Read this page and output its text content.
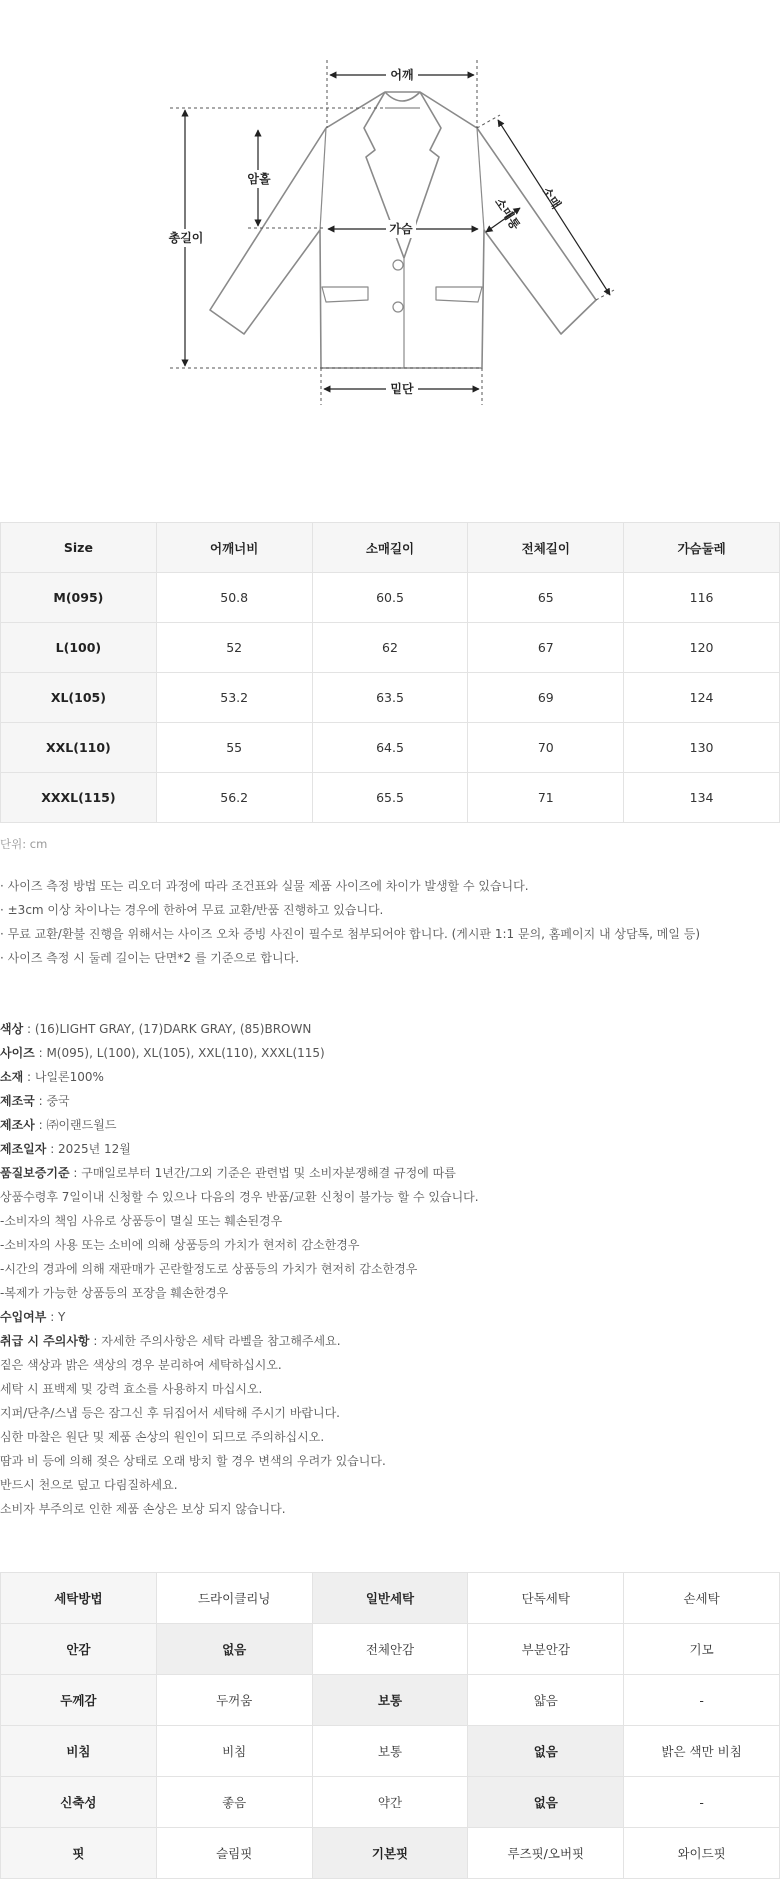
어깨
암홀
총길이
가슴
밑단
소매
소매통
Size	어깨너비	소매길이	전체길이	가슴둘레
M(095)	50.8	60.5	65	116
L(100)	52	62	67	120
XL(105)	53.2	63.5	69	124
XXL(110)	55	64.5	70	130
XXXL(115)	56.2	65.5	71	134
단위: cm
· 사이즈 측정 방법 또는 리오더 과정에 따라 조건표와 실물 제품 사이즈에 차이가 발생할 수 있습니다.
· ±3cm 이상 차이나는 경우에 한하여 무료 교환/반품 진행하고 있습니다.
· 무료 교환/환불 진행을 위해서는 사이즈 오차 증빙 사진이 필수로 첨부되어야 합니다. (게시판 1:1 문의, 홈페이지 내 상담톡, 메일 등)
· 사이즈 측정 시 둘레 길이는 단면*2 를 기준으로 합니다.
색상 : (16)LIGHT GRAY, (17)DARK GRAY, (85)BROWN
사이즈 : M(095), L(100), XL(105), XXL(110), XXXL(115)
소재 : 나일론100%
제조국 : 중국
제조사 : ㈜이랜드월드
제조일자 : 2025년 12월
품질보증기준 : 구매일로부터 1년간/그외 기준은 관련법 및 소비자분쟁해결 규정에 따름
상품수령후 7일이내 신청할 수 있으나 다음의 경우 반품/교환 신청이 불가능 할 수 있습니다.
-소비자의 책임 사유로 상품등이 멸실 또는 훼손된경우
-소비자의 사용 또는 소비에 의해 상품등의 가치가 현저히 감소한경우
-시간의 경과에 의해 재판매가 곤란할정도로 상품등의 가치가 현저히 감소한경우
-복제가 가능한 상품등의 포장을 훼손한경우
수입여부 : Y
취급 시 주의사항 : 자세한 주의사항은 세탁 라벨을 참고해주세요.
짙은 색상과 밝은 색상의 경우 분리하여 세탁하십시오.
세탁 시 표백제 및 강력 효소를 사용하지 마십시오.
지퍼/단추/스냅 등은 잠그신 후 뒤집어서 세탁해 주시기 바랍니다.
심한 마찰은 원단 및 제품 손상의 원인이 되므로 주의하십시오.
땀과 비 등에 의해 젖은 상태로 오래 방치 할 경우 변색의 우려가 있습니다.
반드시 천으로 덮고 다림질하세요.
소비자 부주의로 인한 제품 손상은 보상 되지 않습니다.
세탁방법	드라이클리닝	일반세탁	단독세탁	손세탁
안감	없음	전체안감	부분안감	기모
두께감	두꺼움	보통	얇음	-
비침	비침	보통	없음	밝은 색만 비침
신축성	좋음	약간	없음	-
핏	슬림핏	기본핏	루즈핏/오버핏	와이드핏
